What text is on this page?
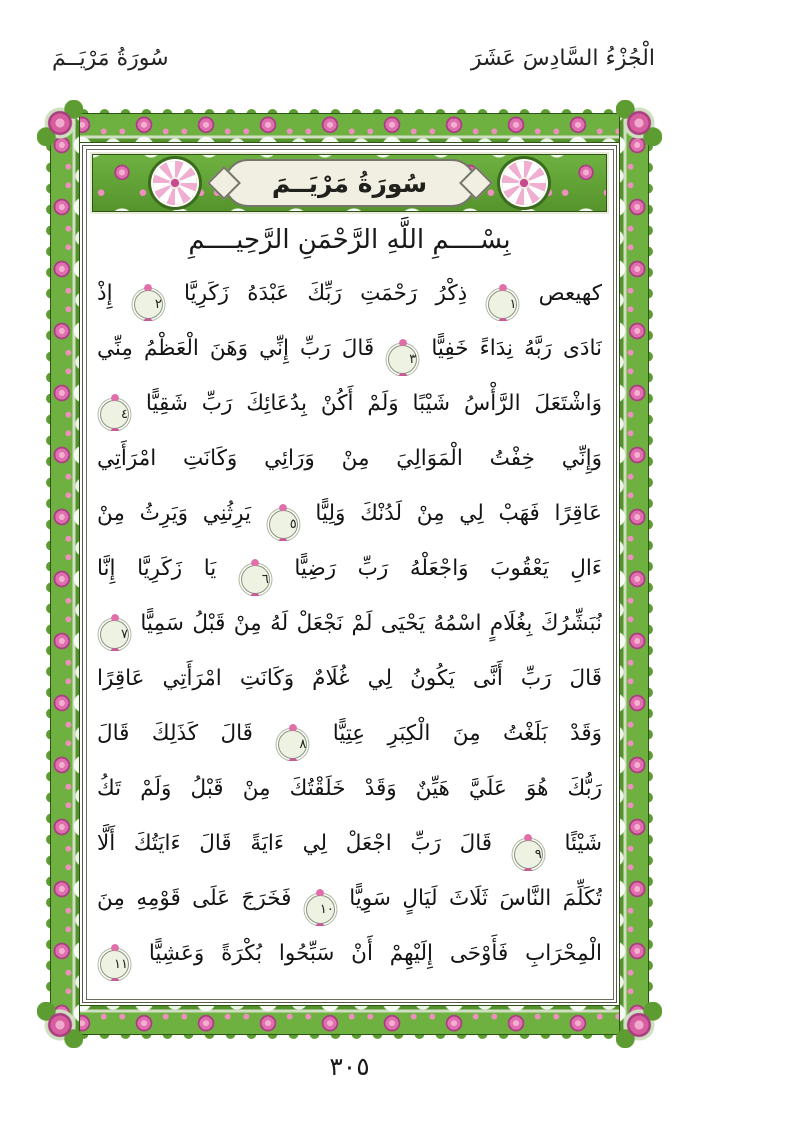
سُورَةُ مَرْيَــمَ	الْجُزْءُ السَّادِسَ عَشَرَ
سُورَةُ مَرْيَــمَ
بِسْــــمِ اللَّهِ الرَّحْمَنِ الرَّحِيــــمِ
كهيعص ١ ذِكْرُ رَحْمَتِ رَبِّكَ عَبْدَهُ زَكَرِيَّا ٢ إِذْ
نَادَى رَبَّهُ نِدَاءً خَفِيًّا ٣ قَالَ رَبِّ إِنِّي وَهَنَ الْعَظْمُ مِنِّي
وَاشْتَعَلَ الرَّأْسُ شَيْبًا وَلَمْ أَكُنْ بِدُعَائِكَ رَبِّ شَقِيًّا ٤
وَإِنِّي خِفْتُ الْمَوَالِيَ مِنْ وَرَائِي وَكَانَتِ امْرَأَتِي
عَاقِرًا فَهَبْ لِي مِنْ لَدُنْكَ وَلِيًّا ٥ يَرِثُنِي وَيَرِثُ مِنْ
ءَالِ يَعْقُوبَ وَاجْعَلْهُ رَبِّ رَضِيًّا ٦ يَا زَكَرِيَّا إِنَّا
نُبَشِّرُكَ بِغُلَامٍ اسْمُهُ يَحْيَى لَمْ نَجْعَلْ لَهُ مِنْ قَبْلُ سَمِيًّا ٧
قَالَ رَبِّ أَنَّى يَكُونُ لِي غُلَامٌ وَكَانَتِ امْرَأَتِي عَاقِرًا
وَقَدْ بَلَغْتُ مِنَ الْكِبَرِ عِتِيًّا ٨ قَالَ كَذَلِكَ قَالَ
رَبُّكَ هُوَ عَلَيَّ هَيِّنٌ وَقَدْ خَلَقْتُكَ مِنْ قَبْلُ وَلَمْ تَكُ
شَيْئًا ٩ قَالَ رَبِّ اجْعَلْ لِي ءَايَةً قَالَ ءَايَتُكَ أَلَّا
تُكَلِّمَ النَّاسَ ثَلَاثَ لَيَالٍ سَوِيًّا ١٠ فَخَرَجَ عَلَى قَوْمِهِ مِنَ
الْمِحْرَابِ فَأَوْحَى إِلَيْهِمْ أَنْ سَبِّحُوا بُكْرَةً وَعَشِيًّا ١١
٣٠٥
